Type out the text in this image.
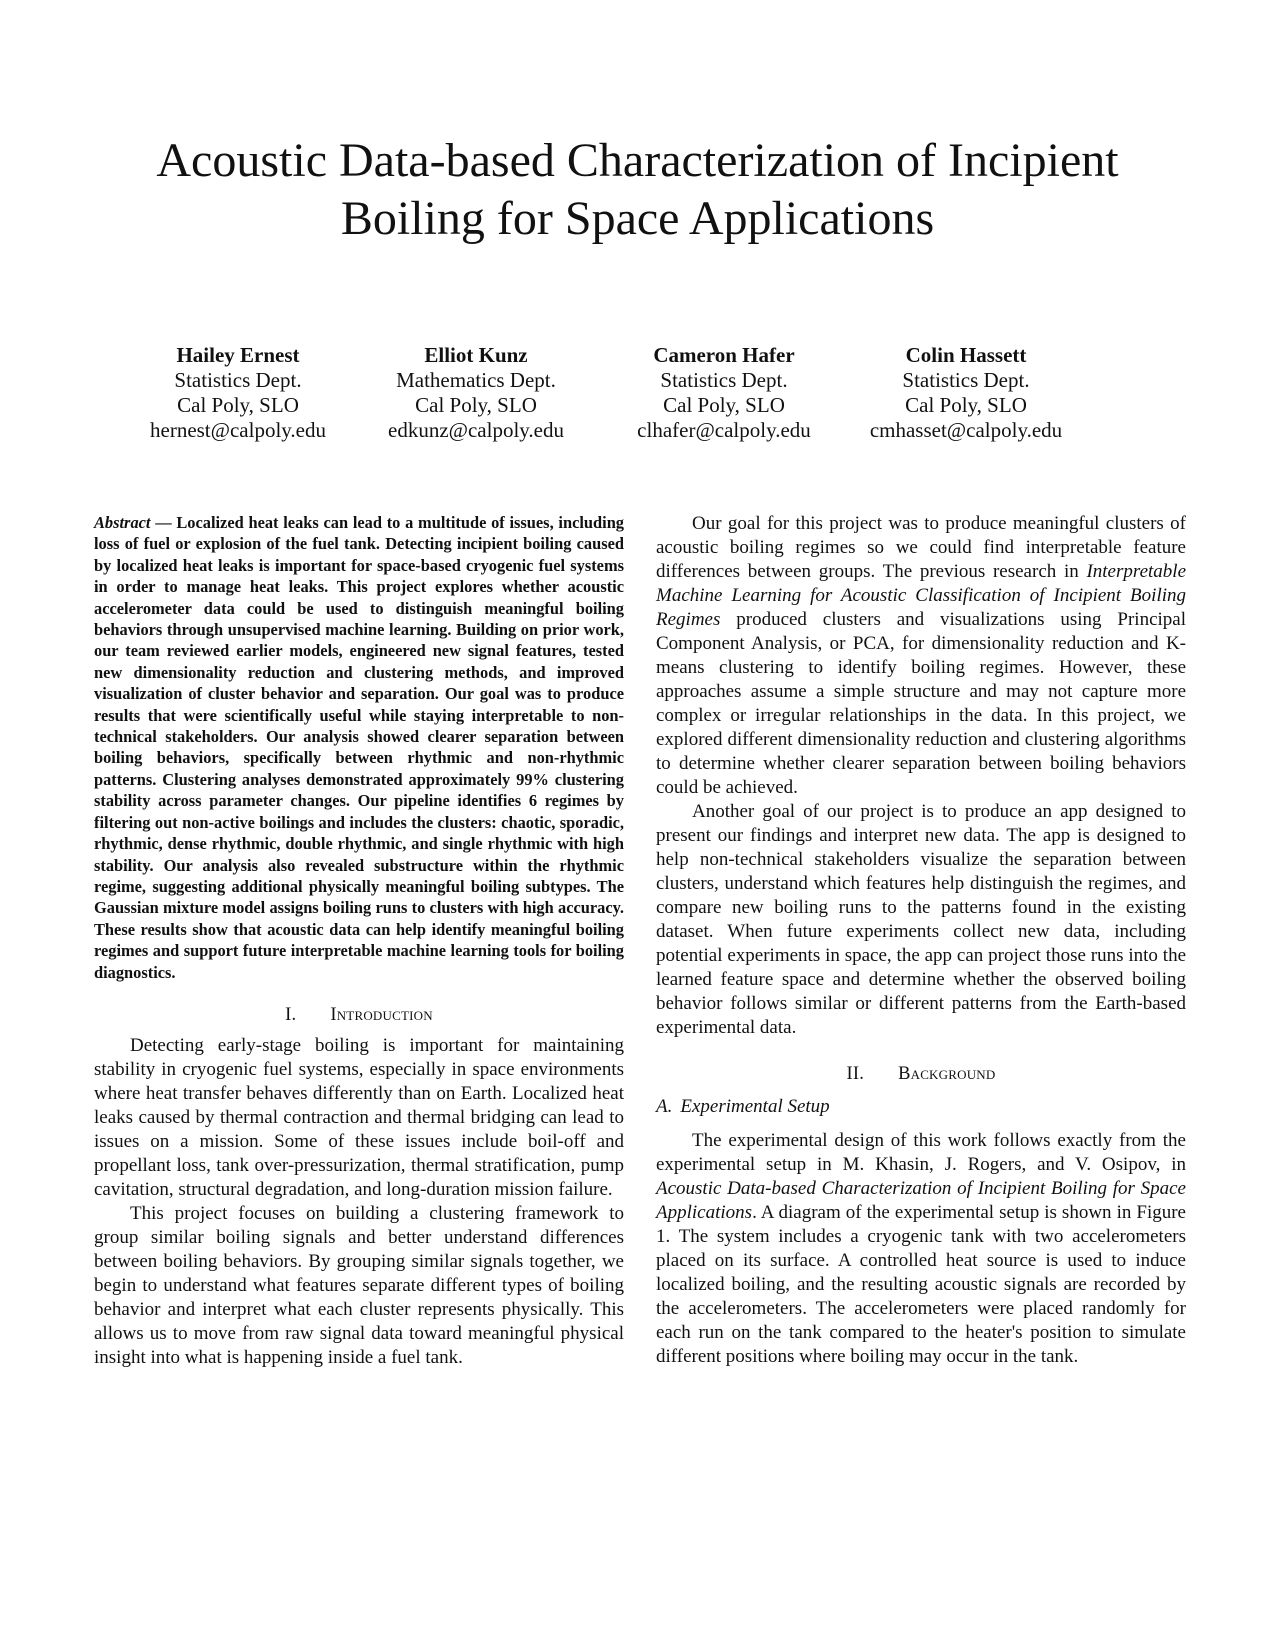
Acoustic Data-based Characterization of Incipient Boiling for Space Applications
Hailey Ernest
Statistics Dept.
Cal Poly, SLO
hernest@calpoly.edu
Elliot Kunz
Mathematics Dept.
Cal Poly, SLO
edkunz@calpoly.edu
Cameron Hafer
Statistics Dept.
Cal Poly, SLO
clhafer@calpoly.edu
Colin Hassett
Statistics Dept.
Cal Poly, SLO
cmhasset@calpoly.edu

Abstract — Localized heat leaks can lead to a multitude of issues, including loss of fuel or explosion of the fuel tank. Detecting incipient boiling caused by localized heat leaks is important for space-based cryogenic fuel systems in order to manage heat leaks. This project explores whether acoustic accelerometer data could be used to distinguish meaningful boiling behaviors through unsupervised machine learning. Building on prior work, our team reviewed earlier models, engineered new signal features, tested new dimensionality reduction and clustering methods, and improved visualization of cluster behavior and separation. Our goal was to produce results that were scientifically useful while staying interpretable to non-technical stakeholders. Our analysis showed clearer separation between boiling behaviors, specifically between rhythmic and non-rhythmic patterns. Clustering analyses demonstrated approximately 99% clustering stability across parameter changes. Our pipeline identifies 6 regimes by filtering out non-active boilings and includes the clusters: chaotic, sporadic, rhythmic, dense rhythmic, double rhythmic, and single rhythmic with high stability. Our analysis also revealed substructure within the rhythmic regime, suggesting additional physically meaningful boiling subtypes. The Gaussian mixture model assigns boiling runs to clusters with high accuracy. These results show that acoustic data can help identify meaningful boiling regimes and support future interpretable machine learning tools for boiling diagnostics.

I. Introduction

Detecting early-stage boiling is important for maintaining stability in cryogenic fuel systems, especially in space environments where heat transfer behaves differently than on Earth. Localized heat leaks caused by thermal contraction and thermal bridging can lead to issues on a mission. Some of these issues include boil-off and propellant loss, tank over-pressurization, thermal stratification, pump cavitation, structural degradation, and long-duration mission failure.

This project focuses on building a clustering framework to group similar boiling signals and better understand differences between boiling behaviors. By grouping similar signals together, we begin to understand what features separate different types of boiling behavior and interpret what each cluster represents physically. This allows us to move from raw signal data toward meaningful physical insight into what is happening inside a fuel tank.

Our goal for this project was to produce meaningful clusters of acoustic boiling regimes so we could find interpretable feature differences between groups. The previous research in Interpretable Machine Learning for Acoustic Classification of Incipient Boiling Regimes produced clusters and visualizations using Principal Component Analysis, or PCA, for dimensionality reduction and K-means clustering to identify boiling regimes. However, these approaches assume a simple structure and may not capture more complex or irregular relationships in the data. In this project, we explored different dimensionality reduction and clustering algorithms to determine whether clearer separation between boiling behaviors could be achieved.

Another goal of our project is to produce an app designed to present our findings and interpret new data. The app is designed to help non-technical stakeholders visualize the separation between clusters, understand which features help distinguish the regimes, and compare new boiling runs to the patterns found in the existing dataset. When future experiments collect new data, including potential experiments in space, the app can project those runs into the learned feature space and determine whether the observed boiling behavior follows similar or different patterns from the Earth-based experimental data.

II. Background

A. Experimental Setup

The experimental design of this work follows exactly from the experimental setup in M. Khasin, J. Rogers, and V. Osipov, in Acoustic Data-based Characterization of Incipient Boiling for Space Applications. A diagram of the experimental setup is shown in Figure 1. The system includes a cryogenic tank with two accelerometers placed on its surface. A controlled heat source is used to induce localized boiling, and the resulting acoustic signals are recorded by the accelerometers. The accelerometers were placed randomly for each run on the tank compared to the heater's position to simulate different positions where boiling may occur in the tank.
